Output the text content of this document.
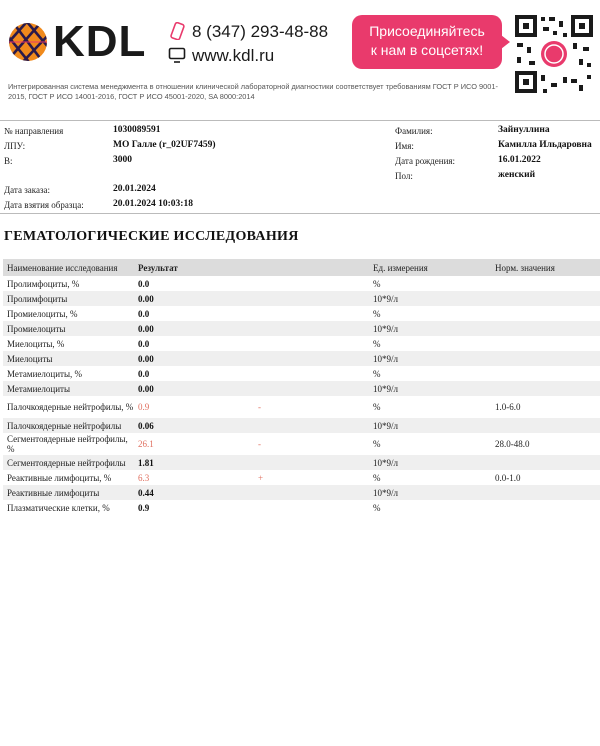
KDL	8 (347) 293-48-88
www.kdl.ru
Присоединяйтесь
к нам в соцсетях!
Интегрированная система менеджмента в отношении клинической лабораторной диагностики соответствует требованиям ГОСТ Р ИСО 9001-2015, ГОСТ Р ИСО 14001-2016, ГОСТ Р ИСО 45001-2020, SA 8000:2014
№ направления	1030089591
ЛПУ:	МО Галле (r_02UF7459)
В:	3000
Дата заказа:	20.01.2024
Дата взятия образца:	20.01.2024 10:03:18
Фамилия:	Зайнуллина
Имя:	Камилла Ильдаровна
Дата рождения:	16.01.2022
Пол:	женский
ГЕМАТОЛОГИЧЕСКИЕ ИССЛЕДОВАНИЯ
Наименование исследования	Результат		Ед. измерения	Норм. значения
Пролимфоциты, %	0.0		%	
Пролимфоциты	0.00		10*9/л	
Промиелоциты, %	0.0		%	
Промиелоциты	0.00		10*9/л	
Миелоциты, %	0.0		%	
Миелоциты	0.00		10*9/л	
Метамиелоциты, %	0.0		%	
Метамиелоциты	0.00		10*9/л	
Палочкоядерные нейтрофилы, %	0.9	-	%	1.0-6.0
Палочкоядерные нейтрофилы	0.06		10*9/л	
Сегментоядерные нейтрофилы, %	26.1	-	%	28.0-48.0
Сегментоядерные нейтрофилы	1.81		10*9/л	
Реактивные лимфоциты, %	6.3	+	%	0.0-1.0
Реактивные лимфоциты	0.44		10*9/л	
Плазматические клетки, %	0.9		%	
